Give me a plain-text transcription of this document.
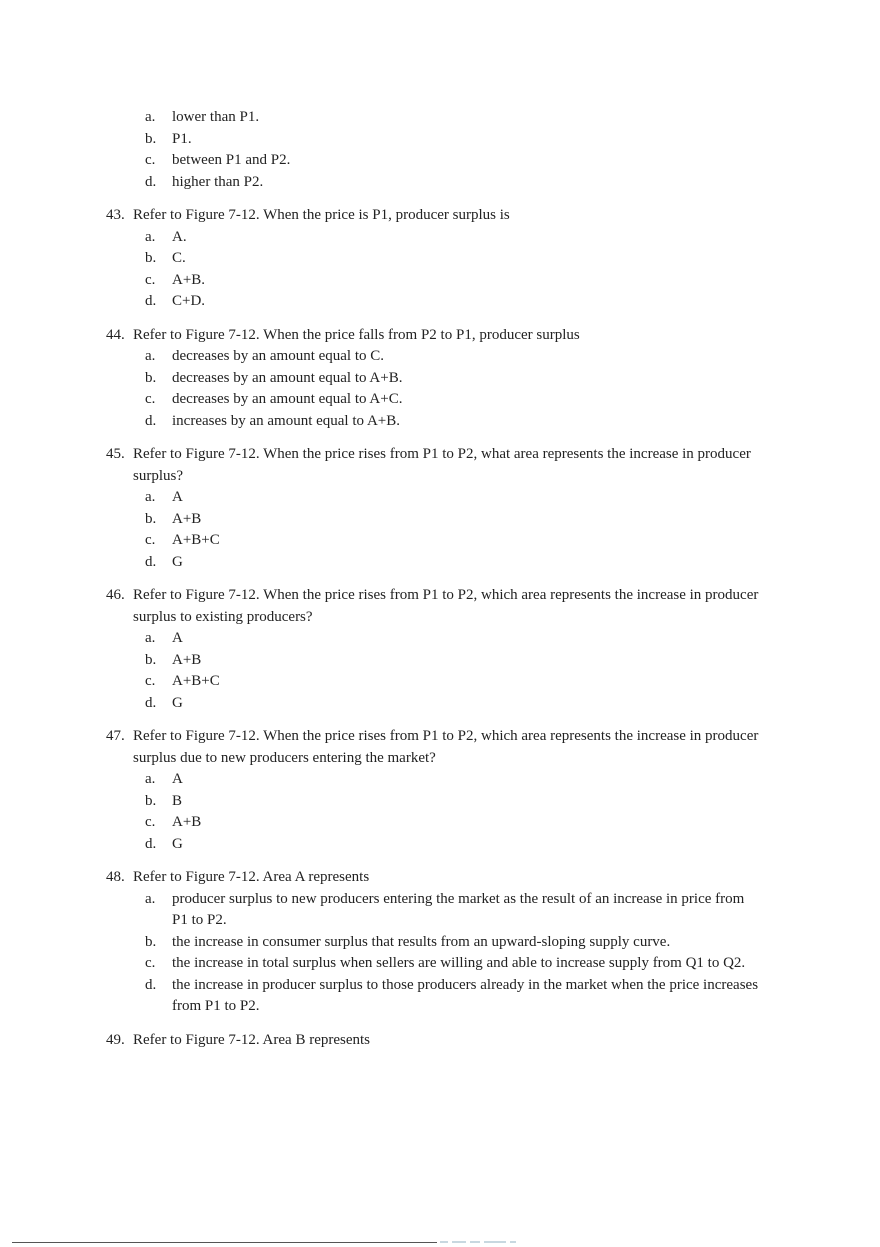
a. lower than P1.
b. P1.
c. between P1 and P2.
d. higher than P2.
43. Refer to Figure 7-12. When the price is P1, producer surplus is
a. A.
b. C.
c. A+B.
d. C+D.
44. Refer to Figure 7-12. When the price falls from P2 to P1, producer surplus
a. decreases by an amount equal to C.
b. decreases by an amount equal to A+B.
c. decreases by an amount equal to A+C.
d. increases by an amount equal to A+B.
45. Refer to Figure 7-12. When the price rises from P1 to P2, what area represents the increase in producer surplus?
a. A
b. A+B
c. A+B+C
d. G
46. Refer to Figure 7-12. When the price rises from P1 to P2, which area represents the increase in producer surplus to existing producers?
a. A
b. A+B
c. A+B+C
d. G
47. Refer to Figure 7-12. When the price rises from P1 to P2, which area represents the increase in producer surplus due to new producers entering the market?
a. A
b. B
c. A+B
d. G
48. Refer to Figure 7-12. Area A represents
a. producer surplus to new producers entering the market as the result of an increase in price from P1 to P2.
b. the increase in consumer surplus that results from an upward-sloping supply curve.
c. the increase in total surplus when sellers are willing and able to increase supply from Q1 to Q2.
d. the increase in producer surplus to those producers already in the market when the price increases from P1 to P2.
49. Refer to Figure 7-12. Area B represents
